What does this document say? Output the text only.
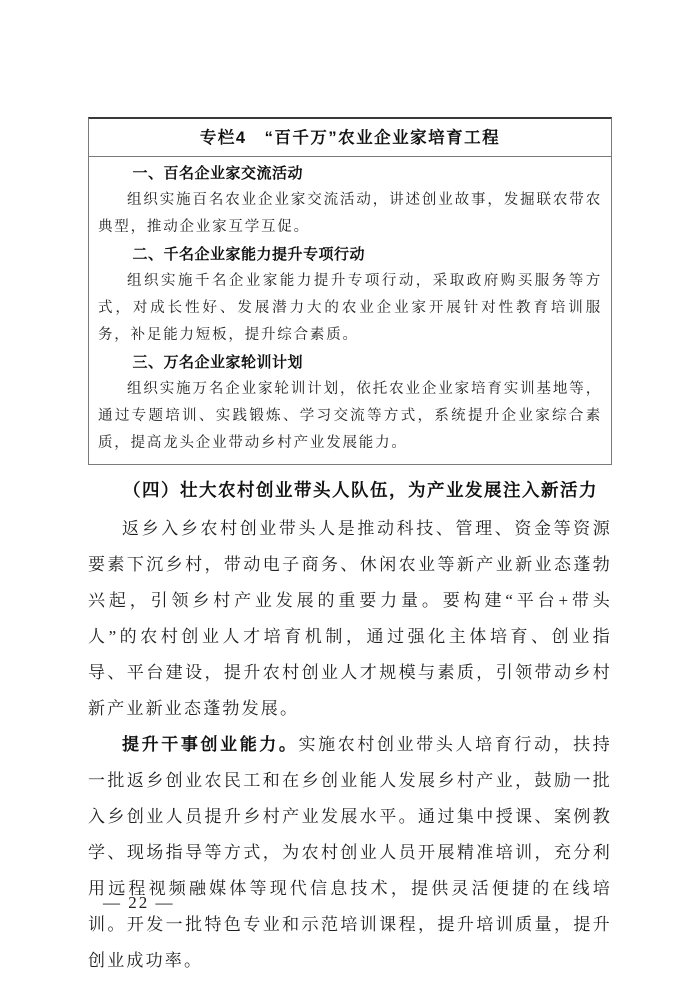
专栏4　“百千万”农业企业家培育工程
一、百名企业家交流活动

组织实施百名农业企业家交流活动，讲述创业故事，发掘联农带农典型，推动企业家互学互促。

二、千名企业家能力提升专项行动

组织实施千名企业家能力提升专项行动，采取政府购买服务等方式，对成长性好、发展潜力大的农业企业家开展针对性教育培训服务，补足能力短板，提升综合素质。

三、万名企业家轮训计划

组织实施万名企业家轮训计划，依托农业企业家培育实训基地等，通过专题培训、实践锻炼、学习交流等方式，系统提升企业家综合素质，提高龙头企业带动乡村产业发展能力。

（四）壮大农村创业带头人队伍，为产业发展注入新活力

返乡入乡农村创业带头人是推动科技、管理、资金等资源要素下沉乡村，带动电子商务、休闲农业等新产业新业态蓬勃兴起，引领乡村产业发展的重要力量。要构建“平台+带头人”的农村创业人才培育机制，通过强化主体培育、创业指导、平台建设，提升农村创业人才规模与素质，引领带动乡村新产业新业态蓬勃发展。

提升干事创业能力。实施农村创业带头人培育行动，扶持一批返乡创业农民工和在乡创业能人发展乡村产业，鼓励一批入乡创业人员提升乡村产业发展水平。通过集中授课、案例教学、现场指导等方式，为农村创业人员开展精准培训，充分利用远程视频融媒体等现代信息技术，提供灵活便捷的在线培训。开发一批特色专业和示范培训课程，提升培训质量，提升创业成功率。

— 22 —
